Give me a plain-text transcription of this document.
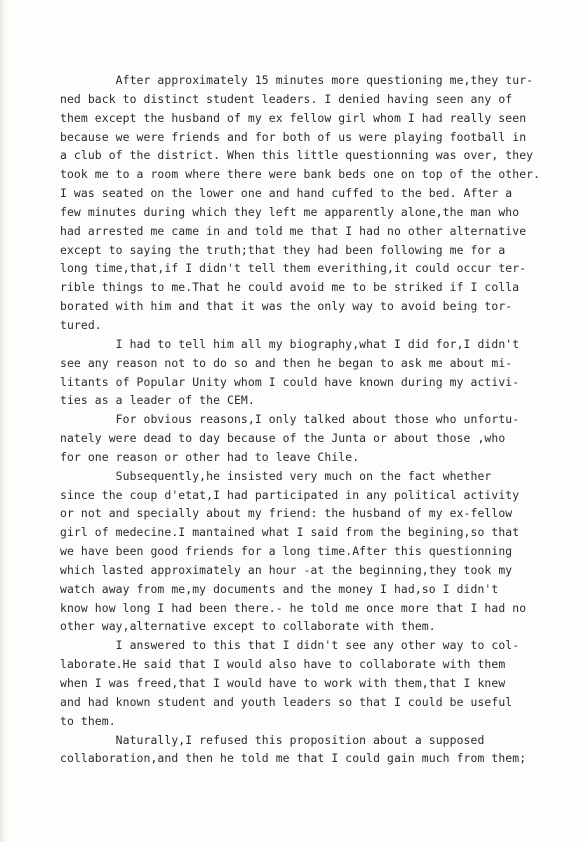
After approximately 15 minutes more questioning me,they tur-
ned back to distinct student leaders. I denied having seen any of
them except the husband of my ex fellow girl whom I had really seen
because we were friends and for both of us were playing football in
a club of the district. When this little questionning was over, they
took me to a room where there were bank beds one on top of the other.
I was seated on the lower one and hand cuffed to the bed. After a
few minutes during which they left me apparently alone,the man who
had arrested me came in and told me that I had no other alternative
except to saying the truth;that they had been following me for a
long time,that,if I didn't tell them everithing,it could occur ter-
rible things to me.That he could avoid me to be striked if I colla
borated with him and that it was the only way to avoid being tor-
tured.
I had to tell him all my biography,what I did for,I didn't
see any reason not to do so and then he began to ask me about mi-
litants of Popular Unity whom I could have known during my activi-
ties as a leader of the CEM.
For obvious reasons,I only talked about those who unfortu-
nately were dead to day because of the Junta or about those ,who
for one reason or other had to leave Chile.
Subsequently,he insisted very much on the fact whether
since the coup d'etat,I had participated in any political activity
or not and specially about my friend: the husband of my ex-fellow
girl of medecine.I mantained what I said from the begining,so that
we have been good friends for a long time.After this questionning
which lasted approximately an hour -at the beginning,they took my
watch away from me,my documents and the money I had,so I didn't
know how long I had been there.- he told me once more that I had no
other way,alternative except to collaborate with them.
I answered to this that I didn't see any other way to col-
laborate.He said that I would also have to collaborate with them
when I was freed,that I would have to work with them,that I knew
and had known student and youth leaders so that I could be useful
to them.
Naturally,I refused this proposition about a supposed
collaboration,and then he told me that I could gain much from them;
